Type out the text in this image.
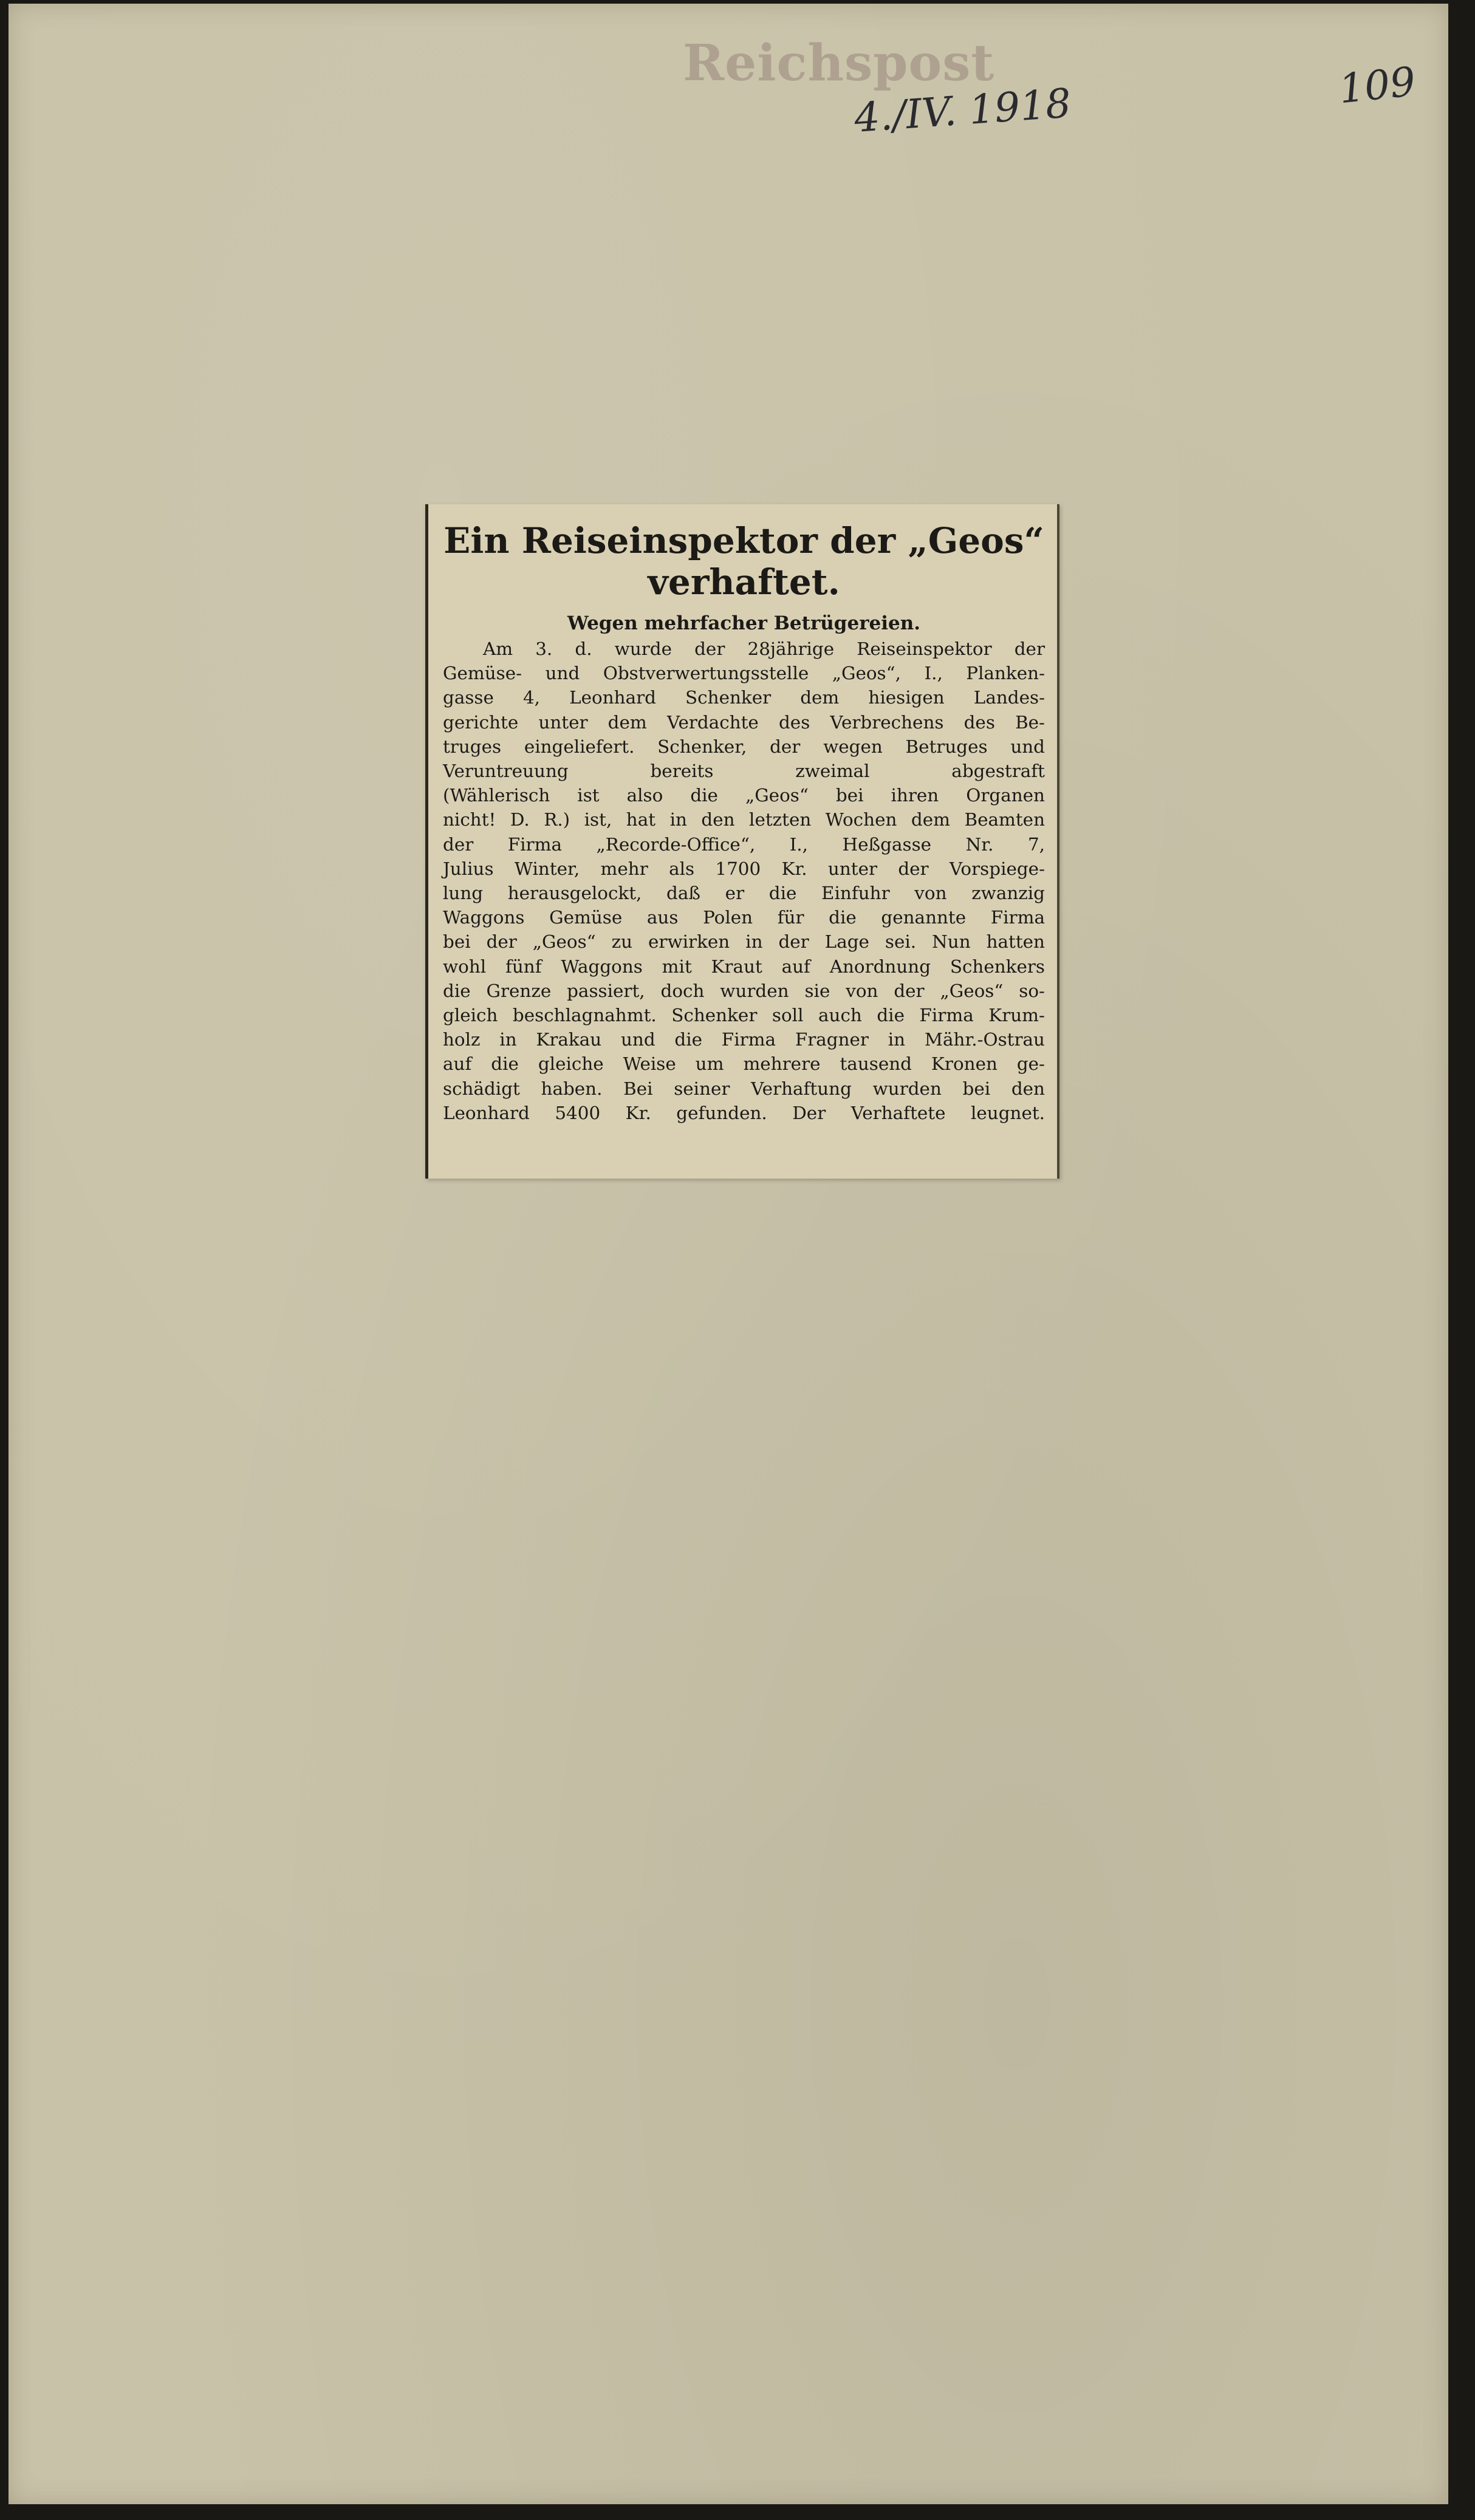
Reichspost
4./IV. 1918	109
Ein Reiseinspektor der „Geos“
verhaftet.
Wegen mehrfacher Betrügereien.
Am 3. d. wurde der 28jährige Reiseinspektor der
Gemüse- und Obstverwertungsstelle „Geos“, I., Planken-
gasse 4, Leonhard Schenker dem hiesigen Landes-
gerichte unter dem Verdachte des Verbrechens des Be-
truges eingeliefert. Schenker, der wegen Betruges und
Veruntreuung bereits zweimal abgestraft
(Wählerisch ist also die „Geos“ bei ihren Organen
nicht! D. R.) ist, hat in den letzten Wochen dem Beamten
der Firma „Recorde-Office“, I., Heßgasse Nr. 7,
Julius Winter, mehr als 1700 Kr. unter der Vorspiege-
lung herausgelockt, daß er die Einfuhr von zwanzig
Waggons Gemüse aus Polen für die genannte Firma
bei der „Geos“ zu erwirken in der Lage sei. Nun hatten
wohl fünf Waggons mit Kraut auf Anordnung Schenkers
die Grenze passiert, doch wurden sie von der „Geos“ so-
gleich beschlagnahmt. Schenker soll auch die Firma Krum-
holz in Krakau und die Firma Fragner in Mähr.-Ostrau
auf die gleiche Weise um mehrere tausend Kronen ge-
schädigt haben. Bei seiner Verhaftung wurden bei den
Leonhard 5400 Kr. gefunden. Der Verhaftete leugnet.
